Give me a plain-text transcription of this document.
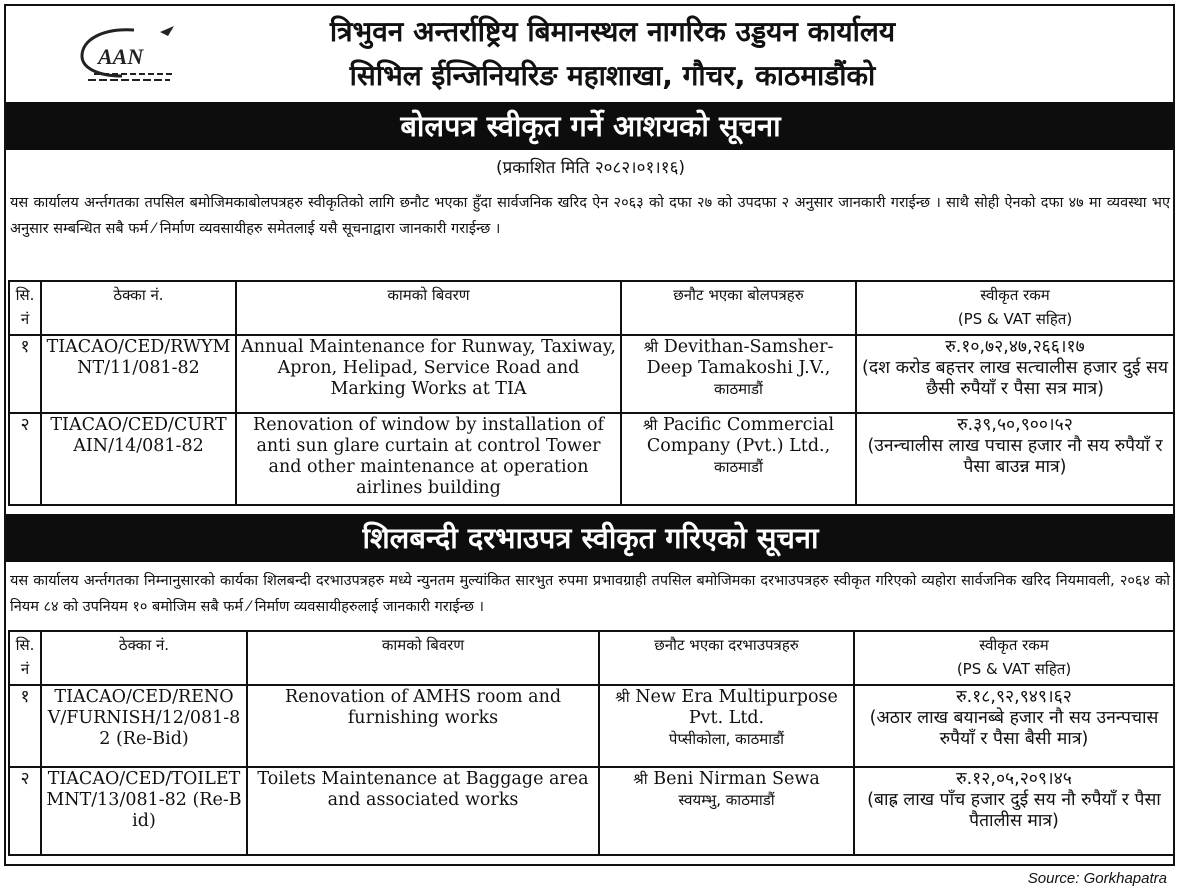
AAN
त्रिभुवन अन्तर्राष्ट्रिय बिमानस्थल नागरिक उड्डयन कार्यालय
सिभिल ईन्जिनियरिङ महाशाखा, गौचर, काठमाडौंको
बोलपत्र स्वीकृत गर्ने आशयको सूचना
(प्रकाशित मिति २०८२।०१।१६)
यस कार्यालय अर्न्तगतका तपसिल बमोजिमकाबोलपत्रहरु स्वीकृतिको लागि छनौट भएका हुँदा सार्वजनिक खरिद ऐन २०६३ को दफा २७ को उपदफा २ अनुसार जानकारी गराईन्छ । साथै सोही ऐनको दफा ४७ मा व्यवस्था भए अनुसार सम्बन्धित सबै फर्म ⁄ निर्माण व्यवसायीहरु समेतलाई यसै सूचनाद्वारा जानकारी गराईन्छ ।
सि. नं	ठेक्का नं.	कामको बिवरण	छनौट भएका बोलपत्रहरु	स्वीकृत रकम
(PS & VAT सहित)
१	TIACAO/CED/RWYMNT/11/081-82	Annual Maintenance for Runway, Taxiway, Apron, Helipad, Service Road and Marking Works at TIA	श्री Devithan-Samsher-Deep Tamakoshi J.V.,
काठमाडौं	रु.१०,७२,४७,२६६।१७
(दश करोड बहत्तर लाख सत्चालीस हजार दुई सय छैसी रुपैयाँ र पैसा सत्र मात्र)
२	TIACAO/CED/CURTAIN/14/081-82	Renovation of window by installation of anti sun glare curtain at control Tower and other maintenance at operation airlines building	श्री Pacific Commercial Company (Pvt.) Ltd.,
काठमाडौं	रु.३९,५०,९००।५२
(उनन्चालीस लाख पचास हजार नौ सय रुपैयाँ र पैसा बाउन्न मात्र)
शिलबन्दी दरभाउपत्र स्वीकृत गरिएको सूचना
यस कार्यालय अर्न्तगतका निम्नानुसारको कार्यका शिलबन्दी दरभाउपत्रहरु मध्ये न्युनतम मुल्यांकित सारभुत रुपमा प्रभावग्राही तपसिल बमोजिमका दरभाउपत्रहरु स्वीकृत गरिएको व्यहोरा सार्वजनिक खरिद नियमावली, २०६४ को नियम ८४ को उपनियम १० बमोजिम सबै फर्म ⁄ निर्माण व्यवसायीहरुलाई जानकारी गराईन्छ ।
सि. नं	ठेक्का नं.	कामको बिवरण	छनौट भएका दरभाउपत्रहरु	स्वीकृत रकम
(PS & VAT सहित)
१	TIACAO/CED/RENOV/FURNISH/12/081-82 (Re-Bid)	Renovation of AMHS room and furnishing works	श्री New Era Multipurpose Pvt. Ltd.
पेप्सीकोला, काठमाडौं	रु.१८,९२,९४९।६२
(अठार लाख बयानब्बे हजार नौ सय उनन्पचास रुपैयाँ र पैसा बैसी मात्र)
२	TIACAO/CED/TOILETMNT/13/081-82 (Re-Bid)	Toilets Maintenance at Baggage area and associated works	श्री Beni Nirman Sewa
स्वयम्भु, काठमाडौं	रु.१२,०५,२०९।४५
(बाह्र लाख पाँच हजार दुई सय नौ रुपैयाँ र पैसा पैतालीस मात्र)
Source: Gorkhapatra
